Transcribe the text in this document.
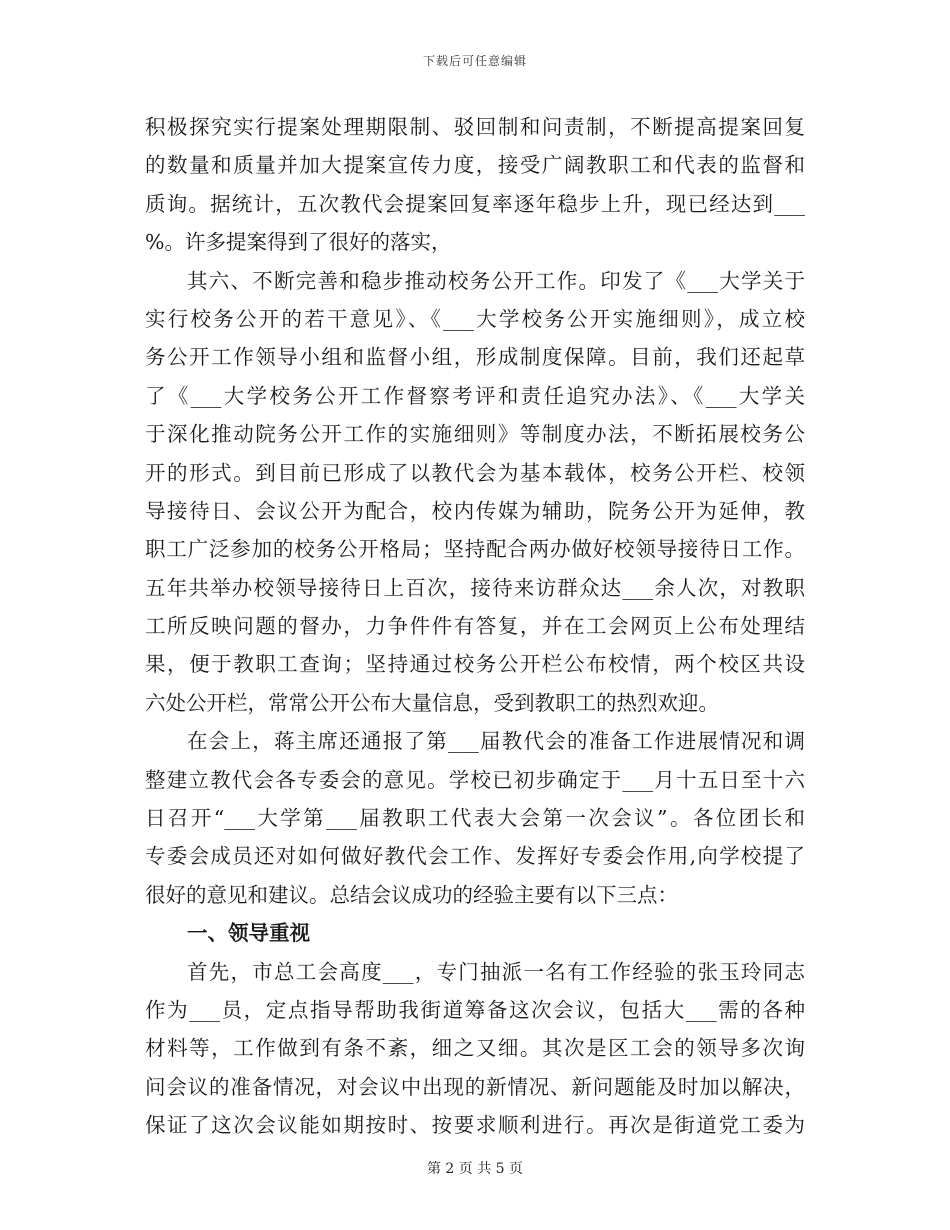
下载后可任意编辑
积极探究实行提案处理期限制、驳回制和问责制，不断提高提案回复
的数量和质量并加大提案宣传力度，接受广阔教职工和代表的监督和
质询。据统计，五次教代会提案回复率逐年稳步上升，现已经达到___
%。许多提案得到了很好的落实，
其六、不断完善和稳步推动校务公开工作。印发了《___大学关于
实行校务公开的若干意见》、《___大学校务公开实施细则》，成立校
务公开工作领导小组和监督小组，形成制度保障。目前，我们还起草
了《___大学校务公开工作督察考评和责任追究办法》、《___大学关
于深化推动院务公开工作的实施细则》等制度办法，不断拓展校务公
开的形式。到目前已形成了以教代会为基本载体，校务公开栏、校领
导接待日、会议公开为配合，校内传媒为辅助，院务公开为延伸，教
职工广泛参加的校务公开格局；坚持配合两办做好校领导接待日工作。
五年共举办校领导接待日上百次，接待来访群众达___余人次，对教职
工所反映问题的督办，力争件件有答复，并在工会网页上公布处理结
果，便于教职工查询；坚持通过校务公开栏公布校情，两个校区共设
六处公开栏，常常公开公布大量信息，受到教职工的热烈欢迎。
在会上，蒋主席还通报了第___届教代会的准备工作进展情况和调
整建立教代会各专委会的意见。学校已初步确定于___月十五日至十六
日召开“___大学第___届教职工代表大会第一次会议”。各位团长和
专委会成员还对如何做好教代会工作、发挥好专委会作用,向学校提了
很好的意见和建议。总结会议成功的经验主要有以下三点：
一、领导重视
首先，市总工会高度___，专门抽派一名有工作经验的张玉玲同志
作为___员，定点指导帮助我街道筹备这次会议，包括大___需的各种
材料等，工作做到有条不紊，细之又细。其次是区工会的领导多次询
问会议的准备情况，对会议中出现的新情况、新问题能及时加以解决，
保证了这次会议能如期按时、按要求顺利进行。再次是街道党工委为
第 2 页 共 5 页
